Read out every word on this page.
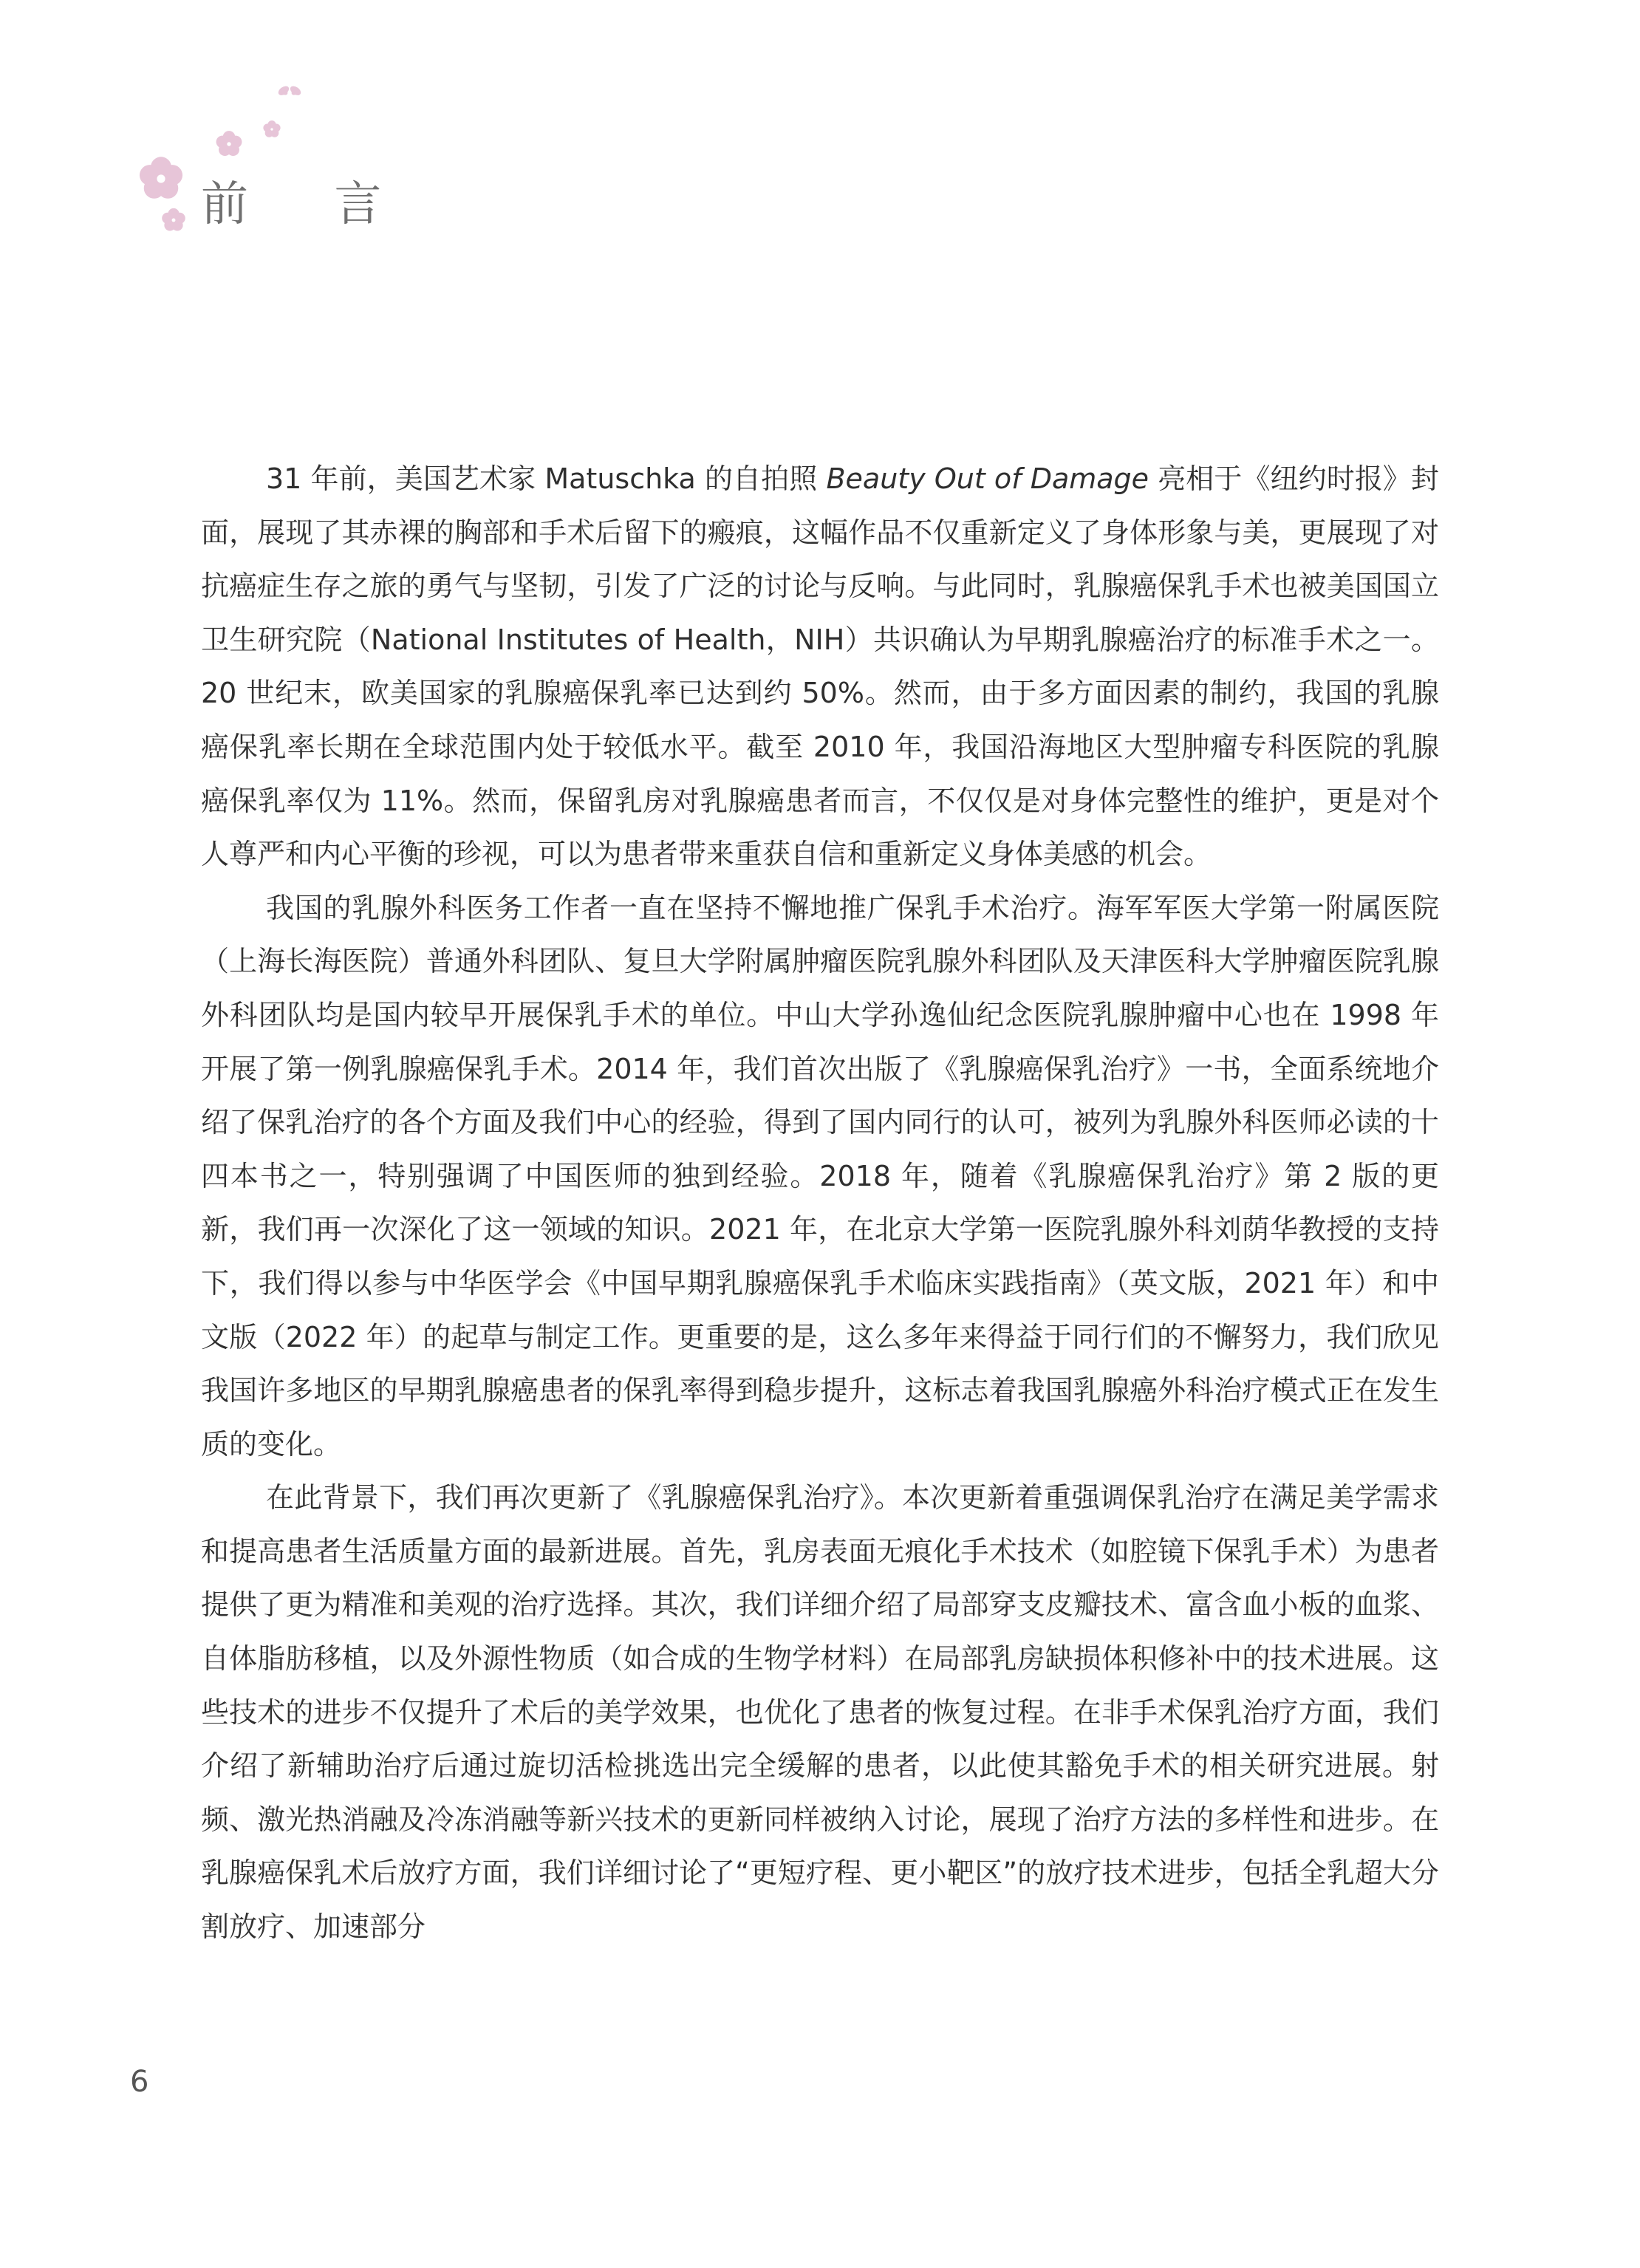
前 言

31 年前，美国艺术家 Matuschka 的自拍照 Beauty Out of Damage 亮相于《纽约时报》封面，展现了其赤裸的胸部和手术后留下的瘢痕，这幅作品不仅重新定义了身体形象与美，更展现了对抗癌症生存之旅的勇气与坚韧，引发了广泛的讨论与反响。与此同时，乳腺癌保乳手术也被美国国立卫生研究院（National Institutes of Health，NIH）共识确认为早期乳腺癌治疗的标准手术之一。20 世纪末，欧美国家的乳腺癌保乳率已达到约 50%。然而，由于多方面因素的制约，我国的乳腺癌保乳率长期在全球范围内处于较低水平。截至 2010 年，我国沿海地区大型肿瘤专科医院的乳腺癌保乳率仅为 11%。然而，保留乳房对乳腺癌患者而言，不仅仅是对身体完整性的维护，更是对个人尊严和内心平衡的珍视，可以为患者带来重获自信和重新定义身体美感的机会。

我国的乳腺外科医务工作者一直在坚持不懈地推广保乳手术治疗。海军军医大学第一附属医院（上海长海医院）普通外科团队、复旦大学附属肿瘤医院乳腺外科团队及天津医科大学肿瘤医院乳腺外科团队均是国内较早开展保乳手术的单位。中山大学孙逸仙纪念医院乳腺肿瘤中心也在 1998 年开展了第一例乳腺癌保乳手术。2014 年，我们首次出版了《乳腺癌保乳治疗》一书，全面系统地介绍了保乳治疗的各个方面及我们中心的经验，得到了国内同行的认可，被列为乳腺外科医师必读的十四本书之一，特别强调了中国医师的独到经验。2018 年，随着《乳腺癌保乳治疗》第 2 版的更新，我们再一次深化了这一领域的知识。2021 年，在北京大学第一医院乳腺外科刘荫华教授的支持下，我们得以参与中华医学会《中国早期乳腺癌保乳手术临床实践指南》（英文版，2021 年）和中文版（2022 年）的起草与制定工作。更重要的是，这么多年来得益于同行们的不懈努力，我们欣见我国许多地区的早期乳腺癌患者的保乳率得到稳步提升，这标志着我国乳腺癌外科治疗模式正在发生质的变化。

在此背景下，我们再次更新了《乳腺癌保乳治疗》。本次更新着重强调保乳治疗在满足美学需求和提高患者生活质量方面的最新进展。首先，乳房表面无痕化手术技术（如腔镜下保乳手术）为患者提供了更为精准和美观的治疗选择。其次，我们详细介绍了局部穿支皮瓣技术、富含血小板的血浆、自体脂肪移植，以及外源性物质（如合成的生物学材料）在局部乳房缺损体积修补中的技术进展。这些技术的进步不仅提升了术后的美学效果，也优化了患者的恢复过程。在非手术保乳治疗方面，我们介绍了新辅助治疗后通过旋切活检挑选出完全缓解的患者，以此使其豁免手术的相关研究进展。射频、激光热消融及冷冻消融等新兴技术的更新同样被纳入讨论，展现了治疗方法的多样性和进步。在乳腺癌保乳术后放疗方面，我们详细讨论了“更短疗程、更小靶区”的放疗技术进步，包括全乳超大分割放疗、加速部分

6
